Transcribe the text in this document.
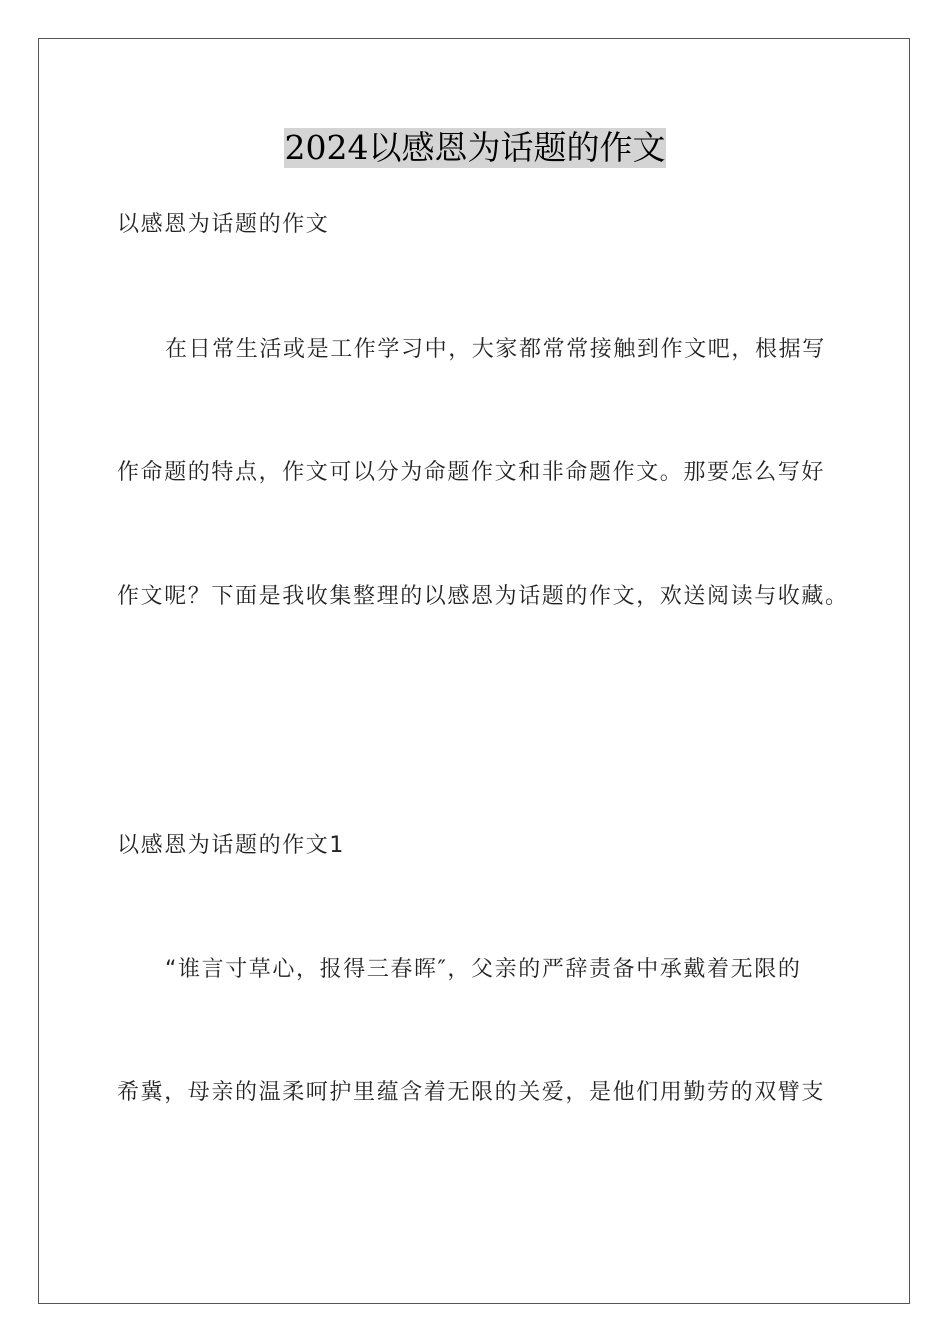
2024以感恩为话题的作文
以感恩为话题的作文
在日常生活或是工作学习中，大家都常常接触到作文吧，根据写
作命题的特点，作文可以分为命题作文和非命题作文。那要怎么写好
作文呢？下面是我收集整理的以感恩为话题的作文，欢送阅读与收藏。
以感恩为话题的作文1
“谁言寸草心，报得三春晖″，父亲的严辞责备中承戴着无限的
希冀，母亲的温柔呵护里蕴含着无限的关爱，是他们用勤劳的双臂支
